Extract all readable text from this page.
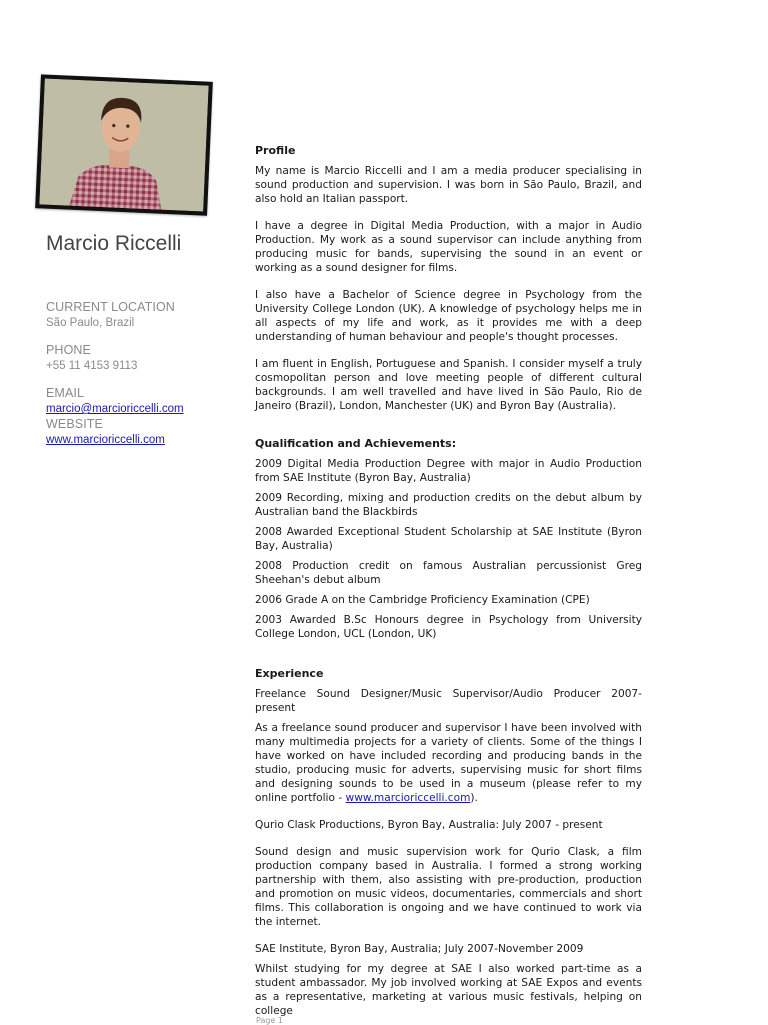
Marcio Riccelli
CURRENT LOCATION
São Paulo, Brazil
PHONE
+55 11 4153 9113
EMAIL
marcio@marcioriccelli.com
WEBSITE
www.marcioriccelli.com
Profile

My name is Marcio Riccelli and I am a media producer specialising in sound production and supervision. I was born in São Paulo, Brazil, and also hold an Italian passport.

I have a degree in Digital Media Production, with a major in Audio Production. My work as a sound supervisor can include anything from producing music for bands, supervising the sound in an event or working as a sound designer for films.

I also have a Bachelor of Science degree in Psychology from the University College London (UK). A knowledge of psychology helps me in all aspects of my life and work, as it provides me with a deep understanding of human behaviour and people's thought processes.

I am fluent in English, Portuguese and Spanish. I consider myself a truly cosmopolitan person and love meeting people of different cultural backgrounds. I am well travelled and have lived in São Paulo, Rio de Janeiro (Brazil), London, Manchester (UK) and Byron Bay (Australia).

Qualification and Achievements:

2009 Digital Media Production Degree with major in Audio Production from SAE Institute (Byron Bay, Australia)

2009 Recording, mixing and production credits on the debut album by Australian band the Blackbirds

2008 Awarded Exceptional Student Scholarship at SAE Institute (Byron Bay, Australia)

2008 Production credit on famous Australian percussionist Greg Sheehan's debut album

2006 Grade A on the Cambridge Proficiency Examination (CPE)

2003 Awarded B.Sc Honours degree in Psychology from University College London, UCL (London, UK)

Experience

Freelance Sound Designer/Music Supervisor/Audio Producer 2007-present

As a freelance sound producer and supervisor I have been involved with many multimedia projects for a variety of clients. Some of the things I have worked on have included recording and producing bands in the studio, producing music for adverts, supervising music for short films and designing sounds to be used in a museum (please refer to my online portfolio - www.marcioriccelli.com).

Qurio Clask Productions, Byron Bay, Australia: July 2007 - present

Sound design and music supervision work for Qurio Clask, a film production company based in Australia. I formed a strong working partnership with them, also assisting with pre-production, production and promotion on music videos, documentaries, commercials and short films. This collaboration is ongoing and we have continued to work via the internet.

SAE Institute, Byron Bay, Australia; July 2007-November 2009

Whilst studying for my degree at SAE I also worked part-time as a student ambassador. My job involved working at SAE Expos and events as a representative, marketing at various music festivals, helping on college

Page 1
